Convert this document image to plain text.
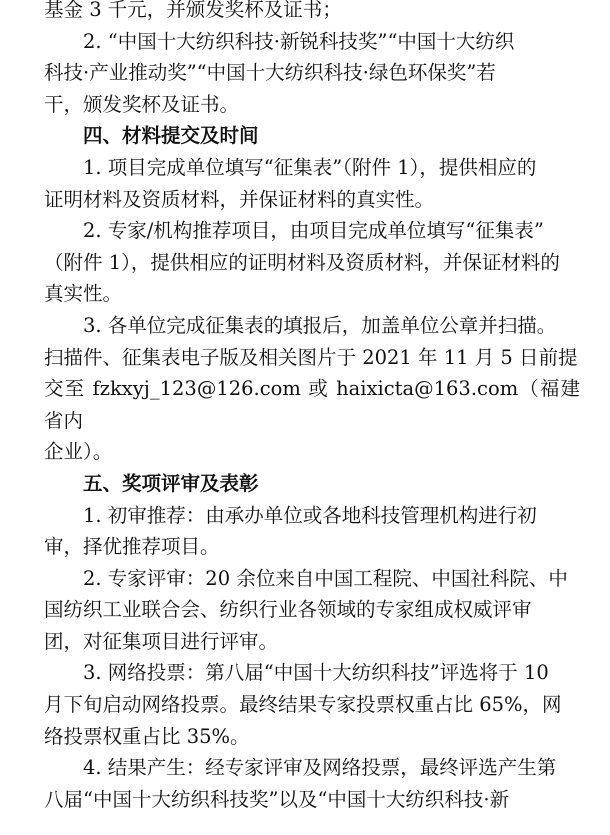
基金 3 千元，并颁发奖杯及证书；
2. “中国十大纺织科技·新锐科技奖”“中国十大纺织
科技·产业推动奖”“中国十大纺织科技·绿色环保奖”若
干，颁发奖杯及证书。
四、材料提交及时间
1. 项目完成单位填写“征集表”（附件 1），提供相应的
证明材料及资质材料，并保证材料的真实性。
2. 专家/机构推荐项目，由项目完成单位填写“征集表”
（附件 1），提供相应的证明材料及资质材料，并保证材料的
真实性。
3. 各单位完成征集表的填报后，加盖单位公章并扫描。
扫描件、征集表电子版及相关图片于 2021 年 11 月 5 日前提
交至 fzkxyj_123@126.com 或 haixicta@163.com（福建省内
企业）。
五、奖项评审及表彰
1. 初审推荐：由承办单位或各地科技管理机构进行初
审，择优推荐项目。
2. 专家评审：20 余位来自中国工程院、中国社科院、中
国纺织工业联合会、纺织行业各领域的专家组成权威评审
团，对征集项目进行评审。
3. 网络投票：第八届“中国十大纺织科技”评选将于 10
月下旬启动网络投票。最终结果专家投票权重占比 65%，网
络投票权重占比 35%。
4. 结果产生：经专家评审及网络投票，最终评选产生第
八届“中国十大纺织科技奖”以及“中国十大纺织科技·新
